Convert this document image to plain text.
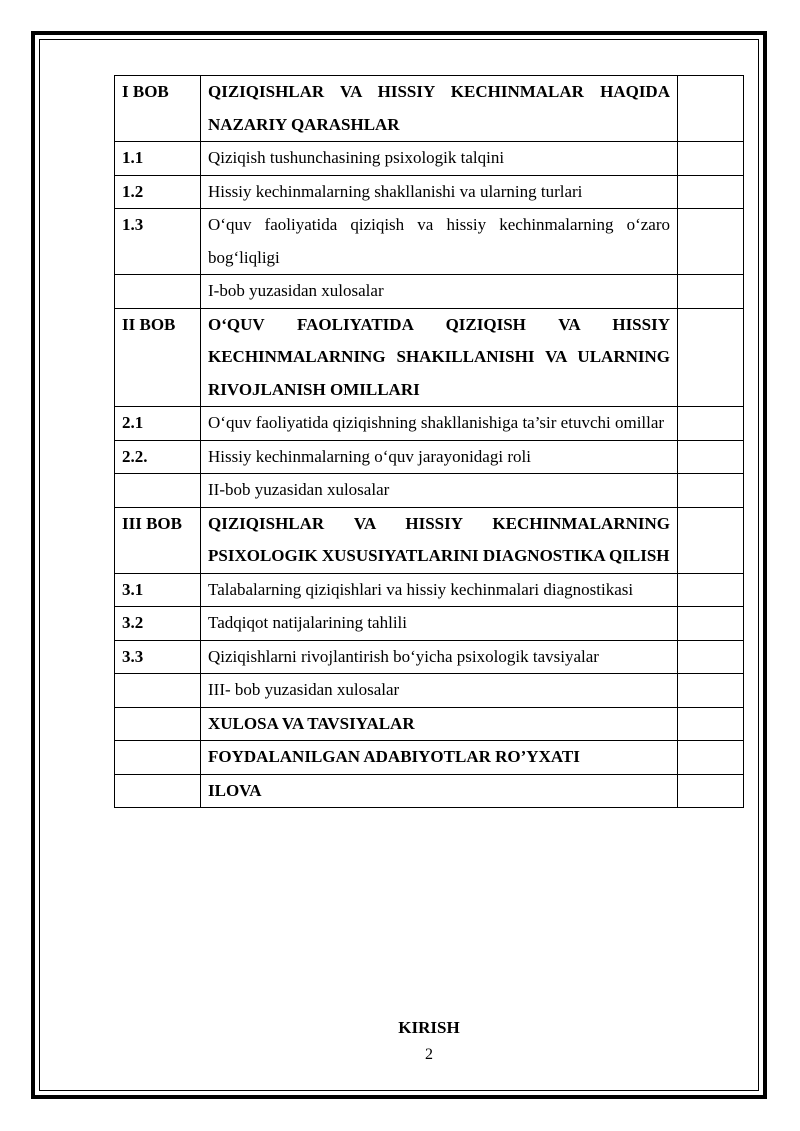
I BOB	QIZIQISHLAR VA HISSIY KECHINMALAR HAQIDA NAZARIY QARASHLAR	
1.1	Qiziqish tushunchasining psixologik talqini	
1.2	Hissiy kechinmalarning shakllanishi va ularning turlari	
1.3	O‘quv faoliyatida qiziqish va hissiy kechinmalarning o‘zaro bog‘liqligi	
	I-bob yuzasidan xulosalar	
II BOB	O‘QUV FAOLIYATIDA QIZIQISH VA HISSIY KECHINMALARNING SHAKILLANISHI VA ULARNING RIVOJLANISH OMILLARI	
2.1	O‘quv faoliyatida qiziqishning shakllanishiga ta’sir etuvchi omillar	
2.2.	Hissiy kechinmalarning o‘quv jarayonidagi roli	
	II-bob yuzasidan xulosalar	
III BOB	QIZIQISHLAR VA HISSIY KECHINMALARNING PSIXOLOGIK XUSUSIYATLARINI DIAGNOSTIKA QILISH	
3.1	Talabalarning qiziqishlari va hissiy kechinmalari diagnostikasi	
3.2	Tadqiqot natijalarining tahlili	
3.3	Qiziqishlarni rivojlantirish bo‘yicha psixologik tavsiyalar	
	III- bob yuzasidan xulosalar	
	XULOSA VA TAVSIYALAR	
	FOYDALANILGAN ADABIYOTLAR RO’YXATI	
	ILOVA	
KIRISH
2
